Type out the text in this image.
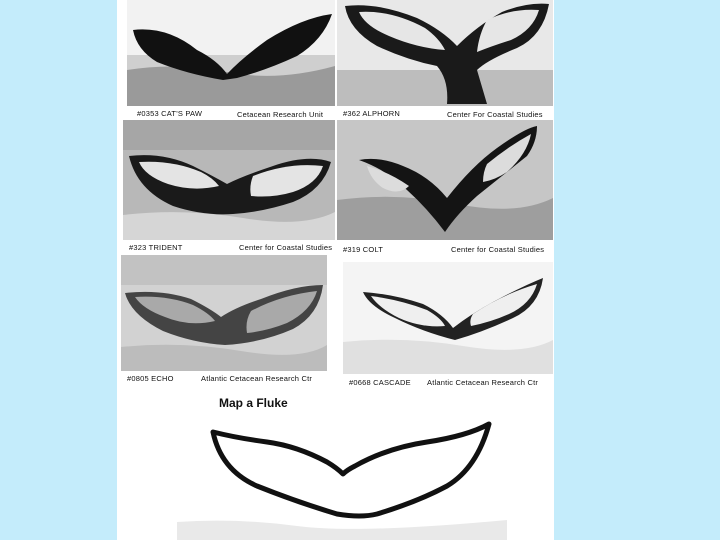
#0353 CAT'S PAW	Cetacean Research Unit	#362 ALPHORN	Center For Coastal Studies
#323 TRIDENT	Center for Coastal Studies #319 COLT	Center for Coastal Studies
#0805 ECHO	Atlantic Cetacean Research Ctr	#0668 CASCADE Atlantic Cetacean Research Ctr
Map a Fluke
